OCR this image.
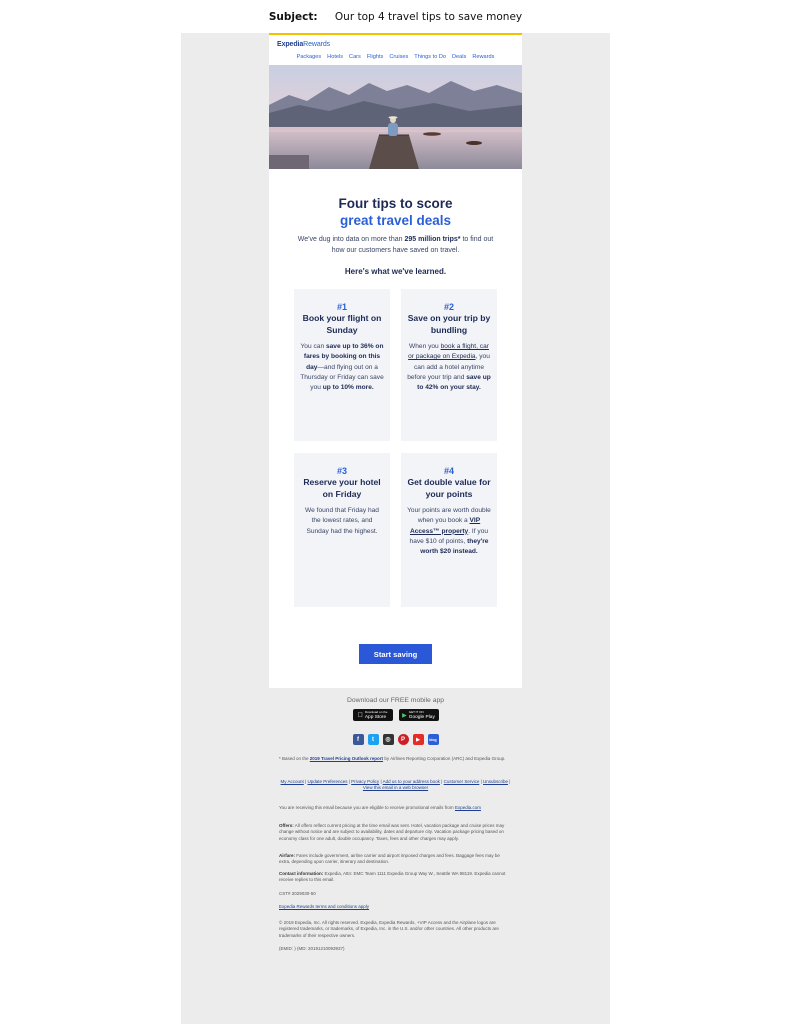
Subject: Our top 4 travel tips to save money
ExpediaRewards
Packages Hotels Cars Flights Cruises Things to Do Deals Rewards
Four tips to score
great travel deals
We've dug into data on more than 295 million trips* to find out how our customers have saved on travel.
Here's what we've learned.
#1
Book your flight on Sunday
You can save up to 36% on fares by booking on this day—and flying out on a Thursday or Friday can save you up to 10% more.
#2
Save on your trip by bundling
When you book a flight, car or package on Expedia, you can add a hotel anytime before your trip and save up to 42% on your stay.
#3
Reserve your hotel on Friday
We found that Friday had the lowest rates, and Sunday had the highest.
#4
Get double value for your points
Your points are worth double when you book a VIP Access™ property. If you have $10 of points, they're worth $20 instead.
Start saving
Download our FREE mobile app
Download on the
App Store	▶
GET IT ON
Google Play
f	t	◎	P	▶	blog
* Based on the 2019 Travel Pricing Outlook report by Airlines Reporting Corporation (ARC) and Expedia Group.
My Account | Update Preferences | Privacy Policy | Add us to your address book | Customer Service | Unsubscribe |
View this email in a web browser
You are receiving this email because you are eligible to receive promotional emails from Expedia.com
Offers: All offers reflect current pricing at the time email was sent. Hotel, vacation package and cruise prices may change without notice and are subject to availability, dates and departure city. Vacation package pricing based on economy class for one adult, double occupancy. Taxes, fees and other charges may apply.
Airfare: Fares include government, airline carrier and airport imposed charges and fees. Baggage fees may be extra, depending upon carrier, itinerary and destination.
Contact information: Expedia, Attn: EMC Team 1111 Expedia Group Way W., Seattle WA 98119. Expedia cannot receive replies to this email.
CST# 2029030-50
Expedia Rewards terms and conditions apply
© 2019 Expedia, Inc. All rights reserved. Expedia, Expedia Rewards, +VIP Access and the Airplane logos are registered trademarks, or trademarks, of Expedia, Inc. in the U.S. and/or other countries. All other products are trademarks of their respective owners.
(EMID: ) (MD: 20191210093937)
